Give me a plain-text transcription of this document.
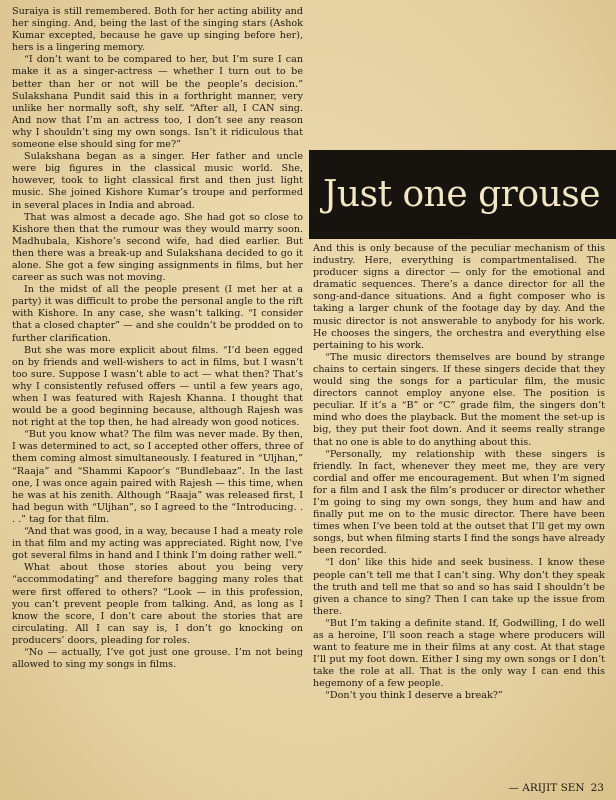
Suraiya is still remembered. Both for her acting ability and her singing. And, being the last of the singing stars (Ashok Kumar excepted, because he gave up singing before her), hers is a lingering memory.

“I don’t want to be compared to her, but I’m sure I can make it as a singer-actress — whether I turn out to be better than her or not will be the people’s decision.” Sulakshana Pundit said this in a forthright manner, very unlike her normally soft, shy self. “After all, I CAN sing. And now that I’m an actress too, I don’t see any reason why I shouldn’t sing my own songs. Isn’t it ridiculous that someone else should sing for me?”

Sulakshana began as a singer. Her father and uncle were big figures in the classical music world. She, however, took to light classical first and then just light music. She joined Kishore Kumar’s troupe and performed in several places in India and abroad.

That was almost a decade ago. She had got so close to Kishore then that the rumour was they would marry soon. Madhubala, Kishore’s second wife, had died earlier. But then there was a break-up and Sulakshana decided to go it alone. She got a few singing assignments in films, but her career as such was not moving.

In the midst of all the people present (I met her at a party) it was difficult to probe the personal angle to the rift with Kishore. In any case, she wasn’t talking. “I consider that a closed chapter” — and she couldn’t be prodded on to further clarification.

But she was more explicit about films. “I’d been egged on by friends and well-wishers to act in films, but I wasn’t too sure. Suppose I wasn’t able to act — what then? That’s why I consistently refused offers — until a few years ago, when I was featured with Rajesh Khanna. I thought that would be a good beginning because, although Rajesh was not right at the top then, he had already won good notices.

“But you know what? The film was never made. By then, I was determined to act, so I accepted other offers, three of them coming almost simultaneously. I featured in “Uljhan,” “Raaja” and “Shammi Kapoor’s “Bundlebaaz”. In the last one, I was once again paired with Rajesh — this time, when he was at his zenith. Although “Raaja” was released first, I had begun with “Uljhan”, so I agreed to the “Introducing. . . .” tag for that film.

“And that was good, in a way, because I had a meaty role in that film and my acting was appreciated. Right now, I’ve got several films in hand and I think I’m doing rather well.”

What about those stories about you being very “accommodating” and therefore bagging many roles that were first offered to others? “Look — in this profession, you can’t prevent people from talking. And, as long as I know the score, I don’t care about the stories that are circulating. All I can say is, I don’t go knocking on producers’ doors, pleading for roles.

“No — actually, I’ve got just one grouse. I’m not being allowed to sing my songs in films.

Just one grouse

And this is only because of the peculiar mechanism of this industry. Here, everything is compartmentalised. The producer signs a director — only for the emotional and dramatic sequences. There’s a dance director for all the song-and-dance situations. And a fight composer who is taking a larger chunk of the footage day by day. And the music director is not answerable to anybody for his work. He chooses the singers, the orchestra and everything else pertaining to his work.

“The music directors themselves are bound by strange chains to certain singers. If these singers decide that they would sing the songs for a particular film, the music directors cannot employ anyone else. The position is peculiar. If it’s a “B” or “C” grade film, the singers don’t mind who does the playback. But the moment the set-up is big, they put their foot down. And it seems really strange that no one is able to do anything about this.

“Personally, my relationship with these singers is friendly. In fact, whenever they meet me, they are very cordial and offer me encouragement. But when I’m signed for a film and I ask the film’s producer or director whether I’m going to sing my own songs, they hum and haw and finally put me on to the music director. There have been times when I’ve been told at the outset that I’ll get my own songs, but when filming starts I find the songs have already been recorded.

“I don’ like this hide and seek business. I know these people can’t tell me that I can’t sing. Why don’t they speak the truth and tell me that so and so has said I shouldn’t be given a chance to sing? Then I can take up the issue from there.

“But I’m taking a definite stand. If, Godwilling, I do well as a heroine, I’ll soon reach a stage where producers will want to feature me in their films at any cost. At that stage I’ll put my foot down. Either I sing my own songs or I don’t take the role at all. That is the only way I can end this hegemony of a few people.

“Don’t you think I deserve a break?”

— ARIJIT SEN 23
